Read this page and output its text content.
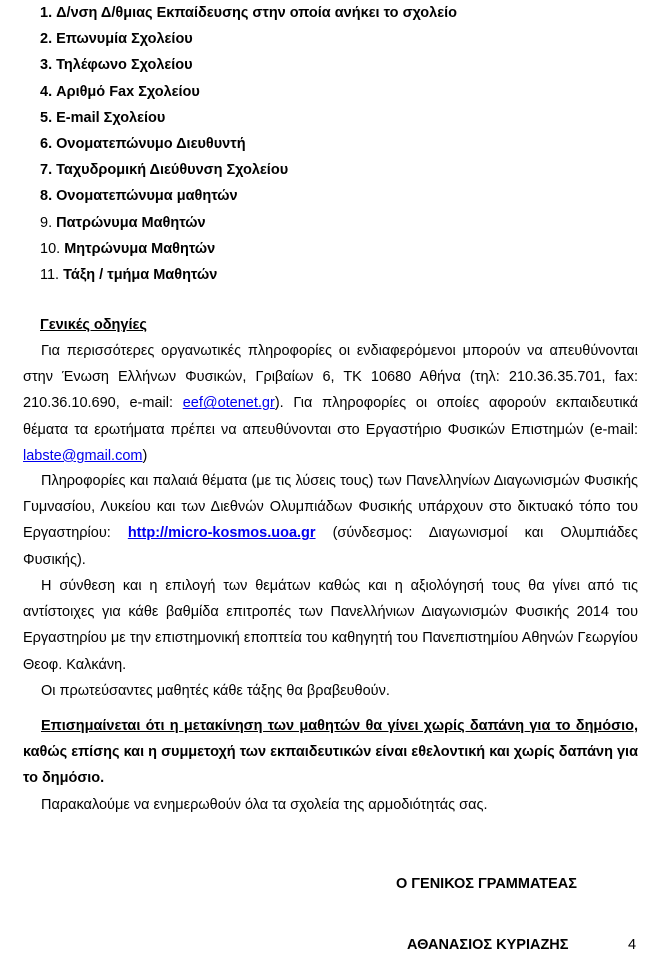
1. Δ/νση Δ/θμιας Εκπαίδευσης στην οποία ανήκει το σχολείο
2. Επωνυμία Σχολείου
3. Τηλέφωνο Σχολείου
4. Αριθμό Fax Σχολείου
5. E-mail Σχολείου
6. Ονοματεπώνυμο Διευθυντή
7. Ταχυδρομική Διεύθυνση Σχολείου
8. Ονοματεπώνυμα μαθητών
9. Πατρώνυμα Μαθητών
10. Μητρώνυμα Μαθητών
11. Τάξη / τμήμα Μαθητών
Γενικές οδηγίες

Για περισσότερες οργανωτικές πληροφορίες οι ενδιαφερόμενοι μπορούν να απευθύνονται στην Ένωση Ελλήνων Φυσικών, Γριβαίων 6, ΤΚ 10680 Αθήνα (τηλ: 210.36.35.701, fax: 210.36.10.690, e-mail: eef@otenet.gr). Για πληροφορίες οι οποίες αφορούν εκπαιδευτικά θέματα τα ερωτήματα πρέπει να απευθύνονται στο Εργαστήριο Φυσικών Επιστημών (e-mail: labste@gmail.com)

Πληροφορίες και παλαιά θέματα (με τις λύσεις τους) των Πανελληνίων Διαγωνισμών Φυσικής Γυμνασίου, Λυκείου και των Διεθνών Ολυμπιάδων Φυσικής υπάρχουν στο δικτυακό τόπο του Εργαστηρίου: http://micro-kosmos.uoa.gr (σύνδεσμος: Διαγωνισμοί και Ολυμπιάδες Φυσικής).

Η σύνθεση και η επιλογή των θεμάτων καθώς και η αξιολόγησή τους θα γίνει από τις αντίστοιχες για κάθε βαθμίδα επιτροπές των Πανελλήνιων Διαγωνισμών Φυσικής 2014 του Εργαστηρίου με την επιστημονική εποπτεία του καθηγητή του Πανεπιστημίου Αθηνών Γεωργίου Θεοφ. Καλκάνη.

Οι πρωτεύσαντες μαθητές κάθε τάξης θα βραβευθούν.

Επισημαίνεται ότι η μετακίνηση των μαθητών θα γίνει χωρίς δαπάνη για το δημόσιο, καθώς επίσης και η συμμετοχή των εκπαιδευτικών είναι εθελοντική και χωρίς δαπάνη για το δημόσιο.

Παρακαλούμε να ενημερωθούν όλα τα σχολεία της αρμοδιότητάς σας.

Ο ΓΕΝΙΚΟΣ ΓΡΑΜΜΑΤΕΑΣ
ΑΘΑΝΑΣΙΟΣ ΚΥΡΙΑΖΗΣ	4
